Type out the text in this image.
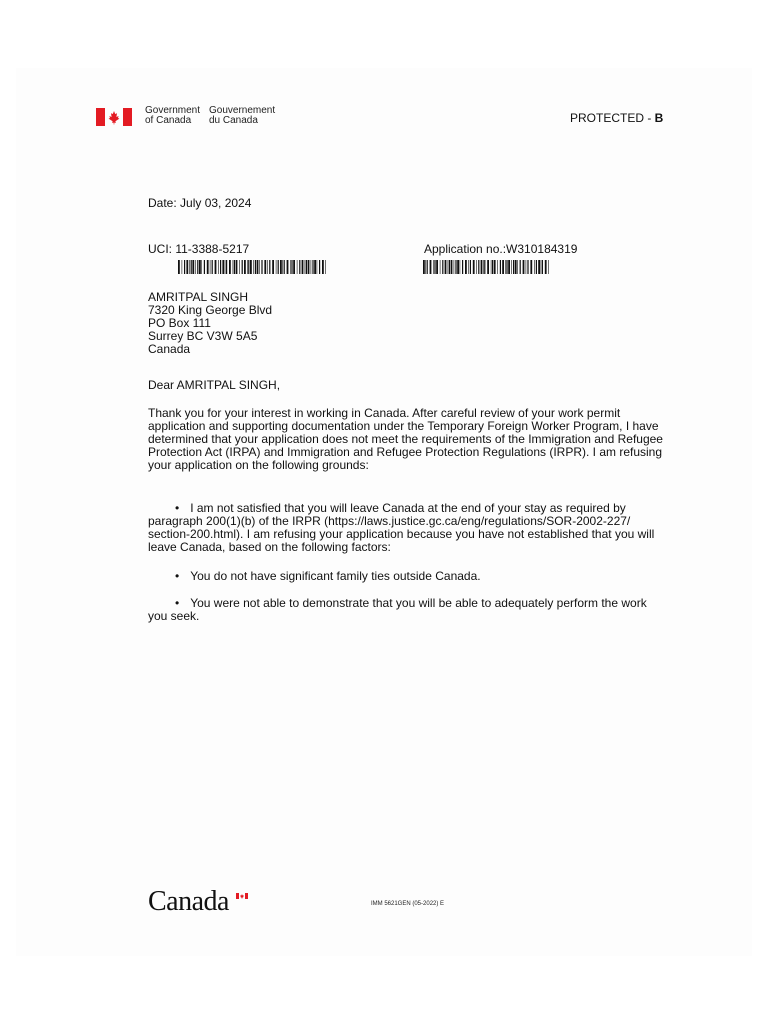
Government
of Canada
Gouvernement
du Canada	PROTECTED - B
Date: July 03, 2024
UCI: 11-3388-5217	Application no.:W310184319
AMRITPAL SINGH
7320 King George Blvd
PO Box 111
Surrey BC V3W 5A5
Canada
Dear AMRITPAL SINGH,
Thank you for your interest in working in Canada. After careful review of your work permit
application and supporting documentation under the Temporary Foreign Worker Program, I have
determined that your application does not meet the requirements of the Immigration and Refugee
Protection Act (IRPA) and Immigration and Refugee Protection Regulations (IRPR). I am refusing
your application on the following grounds:
• I am not satisfied that you will leave Canada at the end of your stay as required by
paragraph 200(1)(b) of the IRPR (https://laws.justice.gc.ca/eng/regulations/SOR-2002-227/
section-200.html). I am refusing your application because you have not established that you will
leave Canada, based on the following factors:
• You do not have significant family ties outside Canada.
• You were not able to demonstrate that you will be able to adequately perform the work
you seek.
Canada	IMM 5621GEN (05-2022) E
